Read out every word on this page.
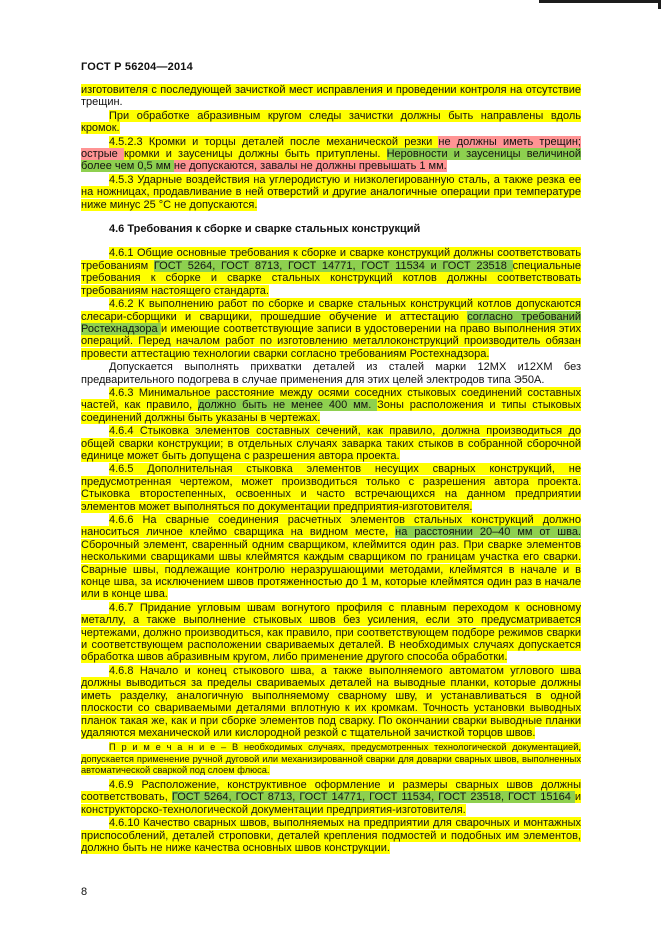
ГОСТ Р 56204—2014

изготовителя с последующей зачисткой мест исправления и проведении контроля на отсутствие трещин.

При обработке абразивным кругом следы зачистки должны быть направлены вдоль кромок.

4.5.2.3 Кромки и торцы деталей после механической резки не должны иметь трещин; острые кромки и заусеницы должны быть притуплены. Неровности и заусеницы величиной более чем 0,5 мм не допускаются, завалы не должны превышать 1 мм.

4.5.3 Ударные воздействия на углеродистую и низколегированную сталь, а также резка ее на ножницах, продавливание в ней отверстий и другие аналогичные операции при температуре ниже минус 25 °С не допускаются.

4.6 Требования к сборке и сварке стальных конструкций

4.6.1 Общие основные требования к сборке и сварке конструкций должны соответствовать требованиям ГОСТ 5264, ГОСТ 8713, ГОСТ 14771, ГОСТ 11534 и ГОСТ 23518 специальные требования к сборке и сварке стальных конструкций котлов должны соответствовать требованиям настоящего стандарта.

4.6.2 К выполнению работ по сборке и сварке стальных конструкций котлов допускаются слесари-сборщики и сварщики, прошедшие обучение и аттестацию согласно требований Ростехнадзора и имеющие соответствующие записи в удостоверении на право выполнения этих операций. Перед началом работ по изготовлению металлоконструкций производитель обязан провести аттестацию технологии сварки согласно требованиям Ростехнадзора.

Допускается выполнять прихватки деталей из сталей марки 12МХ и12ХМ без предварительного подогрева в случае применения для этих целей электродов типа Э50А.

4.6.3 Минимальное расстояние между осями соседних стыковых соединений составных частей, как правило, должно быть не менее 400 мм. Зоны расположения и типы стыковых соединений должны быть указаны в чертежах.

4.6.4 Стыковка элементов составных сечений, как правило, должна производиться до общей сварки конструкции; в отдельных случаях заварка таких стыков в собранной сборочной единице может быть допущена с разрешения автора проекта.

4.6.5 Дополнительная стыковка элементов несущих сварных конструкций, не предусмотренная чертежом, может производиться только с разрешения автора проекта. Стыковка второстепенных, освоенных и часто встречающихся на данном предприятии элементов может выполняться по документации предприятия-изготовителя.

4.6.6 На сварные соединения расчетных элементов стальных конструкций должно наноситься личное клеймо сварщика на видном месте, на расстоянии 20–40 мм от шва. Сборочный элемент, сваренный одним сварщиком, клеймится один раз. При сварке элементов несколькими сварщиками швы клеймятся каждым сварщиком по границам участка его сварки. Сварные швы, подлежащие контролю неразрушающими методами, клеймятся в начале и в конце шва, за исключением швов протяженностью до 1 м, которые клеймятся один раз в начале или в конце шва.

4.6.7 Придание угловым швам вогнутого профиля с плавным переходом к основному металлу, а также выполнение стыковых швов без усиления, если это предусматривается чертежами, должно производиться, как правило, при соответствующем подборе режимов сварки и соответствующем расположении свариваемых деталей. В необходимых случаях допускается обработка швов абразивным кругом, либо применение другого способа обработки.

4.6.8 Начало и конец стыкового шва, а также выполняемого автоматом углового шва должны выводиться за пределы свариваемых деталей на выводные планки, которые должны иметь разделку, аналогичную выполняемому сварному шву, и устанавливаться в одной плоскости со свариваемыми деталями вплотную к их кромкам. Точность установки выводных планок такая же, как и при сборке элементов под сварку. По окончании сварки выводные планки удаляются механической или кислородной резкой с тщательной зачисткой торцов швов.

П р и м е ч а н и е – В необходимых случаях, предусмотренных технологической документацией, допускается применение ручной дуговой или механизированной сварки для доварки сварных швов, выполненных автоматической сваркой под слоем флюса.

4.6.9 Расположение, конструктивное оформление и размеры сварных швов должны соответствовать, ГОСТ 5264, ГОСТ 8713, ГОСТ 14771, ГОСТ 11534, ГОСТ 23518, ГОСТ 15164 и конструкторско-технологической документации предприятия-изготовителя.

4.6.10 Качество сварных швов, выполняемых на предприятии для сварочных и монтажных приспособлений, деталей строповки, деталей крепления подмостей и подобных им элементов, должно быть не ниже качества основных швов конструкции.

8
